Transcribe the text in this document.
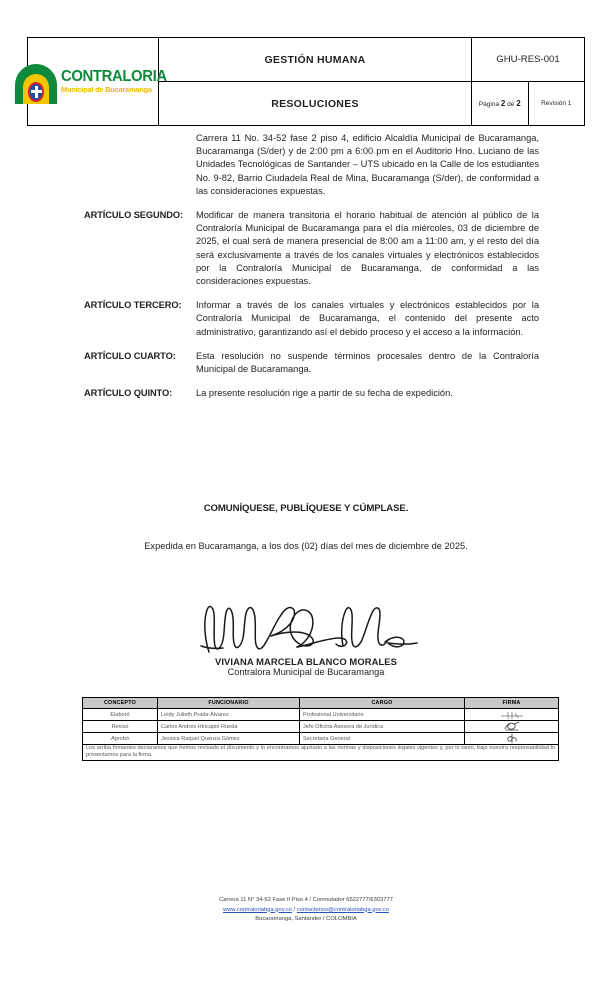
CONTRALORIA
Municipal de Bucaramanga	GESTIÓN HUMANA	GHU-RES-001	
	RESOLUCIONES	Página 2 de 2	Revisión 1
Carrera 11 No. 34-52 fase 2 piso 4, edificio Alcaldía Municipal de Bucaramanga, Bucaramanga (S/der) y de 2:00 pm a 6:00 pm en el Auditorio Hno. Luciano de las Unidades Tecnológicas de Santander – UTS ubicado en la Calle de los estudiantes No. 9-82, Barrio Ciudadela Real de Mina, Bucaramanga (S/der), de conformidad a las consideraciones expuestas.
ARTÍCULO SEGUNDO:	Modificar de manera transitoria el horario habitual de atención al público de la Contraloría Municipal de Bucaramanga para el día miércoles, 03 de diciembre de 2025, el cual será de manera presencial de 8:00 am a 11:00 am, y el resto del día será exclusivamente a través de los canales virtuales y electrónicos establecidos por la Contraloría Municipal de Bucaramanga, de conformidad a las consideraciones expuestas.
ARTÍCULO TERCERO:	Informar a través de los canales virtuales y electrónicos establecidos por la Contraloría Municipal de Bucaramanga, el contenido del presente acto administrativo, garantizando así el debido proceso y el acceso a la información.
ARTÍCULO CUARTO:	Esta resolución no suspende términos procesales dentro de la Contraloría Municipal de Bucaramanga.
ARTÍCULO QUINTO:	La presente resolución rige a partir de su fecha de expedición.
COMUNÍQUESE, PUBLÍQUESE Y CÚMPLASE.
Expedida en Bucaramanga, a los dos (02) días del mes de diciembre de 2025.
VIVIANA MARCELA BLANCO MORALES
Contralora Municipal de Bucaramanga
CONCEPTO	FUNCIONARIO	CARGO	FIRMA
Elaboró	Leidy Julieth Prada Álvarez	Profesional Universitario	

Revisó	Carlos Andrés Hincapié Rueda	Jefe Oficina Asesora de Jurídica	

Aprobó	Jessica Raquel Quenza Gómez	Secretaria General	

Los arriba firmantes declaramos que hemos revisado el documento y lo encontramos ajustado a las normas y disposiciones legales vigentes y, por lo tanto, bajo nuestra responsabilidad lo presentamos para la firma.			
Carrera 11 N° 34-52 Fase II Piso 4 / Conmutador 6522777/6303777
www.contraloriabga.gov.co / contactenos@contraloriabga.gov.co
Bucaramanga, Santander / COLOMBIA
